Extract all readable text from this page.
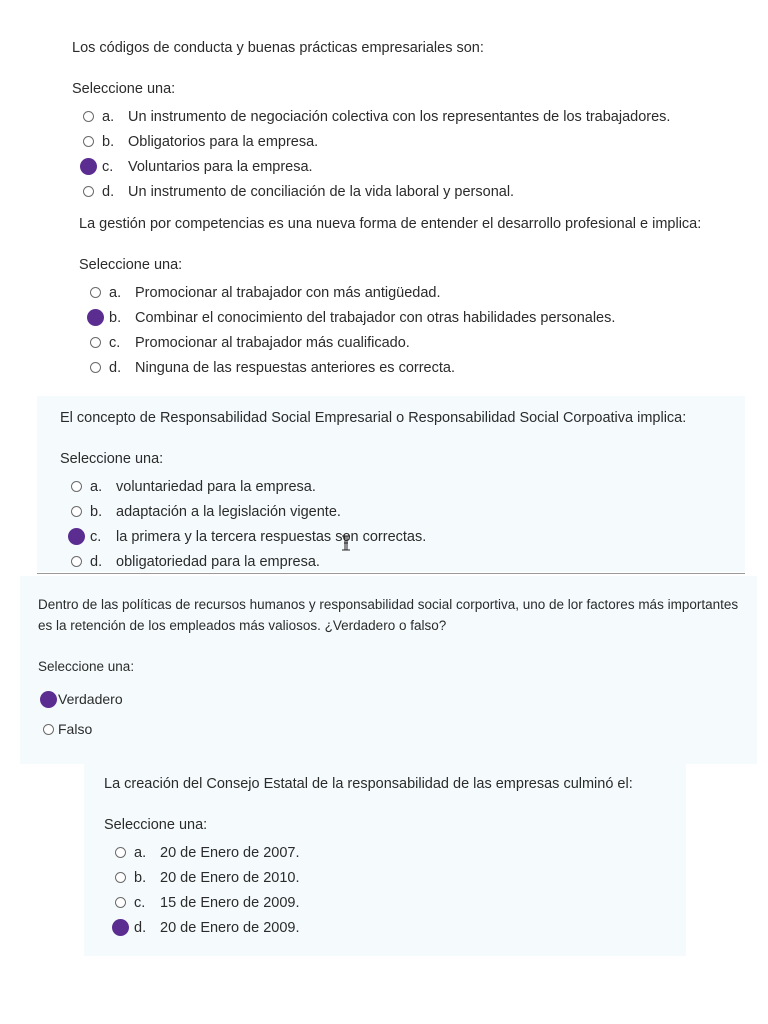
Los códigos de conducta y buenas prácticas empresariales son:

Seleccione una:

a. Un instrumento de negociación colectiva con los representantes de los trabajadores.
b. Obligatorios para la empresa.
c.	Voluntarios para la empresa.
d. Un instrumento de conciliación de la vida laboral y personal.

La gestión por competencias es una nueva forma de entender el desarrollo profesional e implica:

Seleccione una:

a. Promocionar al trabajador con más antigüedad.
b. Combinar el conocimiento del trabajador con otras habilidades personales.
c.	Promocionar al trabajador más cualificado.
d. Ninguna de las respuestas anteriores es correcta.

El concepto de Responsabilidad Social Empresarial o Responsabilidad Social Corpoativa implica:

Seleccione una:

a. voluntariedad para la empresa.
b. adaptación a la legislación vigente.
c.	la primera y la tercera respuestas son correctas.
d. obligatoriedad para la empresa.

Dentro de las políticas de recursos humanos y responsabilidad social corportiva, uno de lor factores más importantes
es la retención de los empleados más valiosos. ¿Verdadero o falso?

Seleccione una:

Verdadero
Falso

La creación del Consejo Estatal de la responsabilidad de las empresas culminó el:

Seleccione una:

a. 20 de Enero de 2007.
b. 20 de Enero de 2010.
c.	15 de Enero de 2009.
d. 20 de Enero de 2009.
